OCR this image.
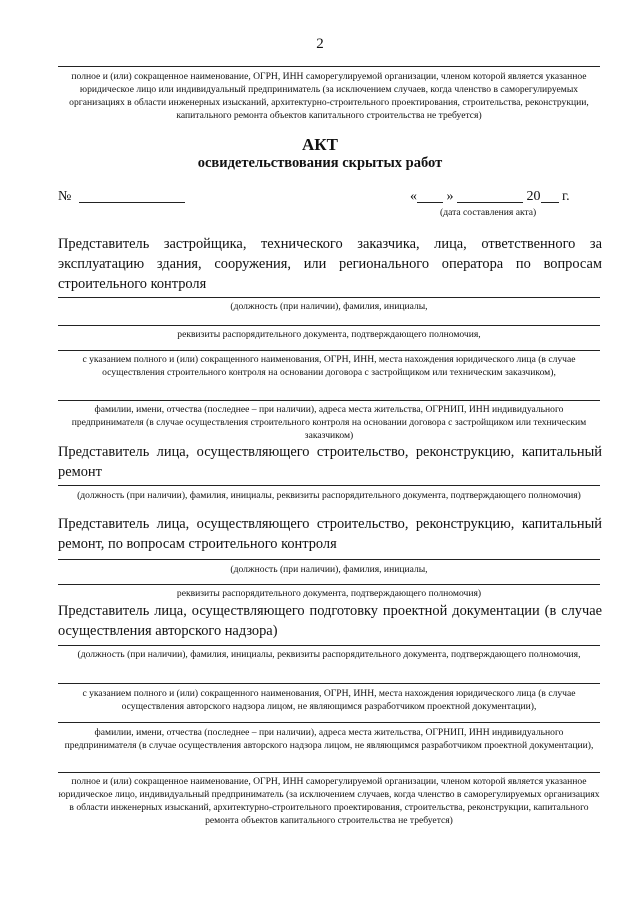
2
полное и (или) сокращенное наименование, ОГРН, ИНН саморегулируемой организации, членом которой является указанное юридическое лицо или индивидуальный предприниматель (за исключением случаев, когда членство в саморегулируемых организациях в области инженерных изысканий, архитектурно-строительного проектирования, строительства, реконструкции, капитального ремонта объектов капитального строительства не требуется)
АКТ
освидетельствования скрытых работ
№	« »	20 г.
(дата составления акта)
Представитель застройщика, технического заказчика, лица, ответственного за эксплуатацию здания, сооружения, или регионального оператора по вопросам строительного контроля
(должность (при наличии), фамилия, инициалы,
реквизиты распорядительного документа, подтверждающего полномочия,
с указанием полного и (или) сокращенного наименования, ОГРН, ИНН, места нахождения юридического лица (в случае осуществления строительного контроля на основании договора с застройщиком или техническим заказчиком),
фамилии, имени, отчества (последнее – при наличии), адреса места жительства, ОГРНИП, ИНН индивидуального предпринимателя (в случае осуществления строительного контроля на основании договора с застройщиком или техническим заказчиком)
Представитель лица, осуществляющего строительство, реконструкцию, капитальный ремонт
(должность (при наличии), фамилия, инициалы, реквизиты распорядительного документа, подтверждающего полномочия)
Представитель лица, осуществляющего строительство, реконструкцию, капитальный ремонт, по вопросам строительного контроля
(должность (при наличии), фамилия, инициалы,
реквизиты распорядительного документа, подтверждающего полномочия)
Представитель лица, осуществляющего подготовку проектной документации (в случае осуществления авторского надзора)
(должность (при наличии), фамилия, инициалы, реквизиты распорядительного документа, подтверждающего полномочия,
с указанием полного и (или) сокращенного наименования, ОГРН, ИНН, места нахождения юридического лица (в случае осуществления авторского надзора лицом, не являющимся разработчиком проектной документации),
фамилии, имени, отчества (последнее – при наличии), адреса места жительства, ОГРНИП, ИНН индивидуального предпринимателя (в случае осуществления авторского надзора лицом, не являющимся разработчиком проектной документации),
полное и (или) сокращенное наименование, ОГРН, ИНН саморегулируемой организации, членом которой является указанное юридическое лицо, индивидуальный предприниматель (за исключением случаев, когда членство в саморегулируемых организациях в области инженерных изысканий, архитектурно-строительного проектирования, строительства, реконструкции, капитального ремонта объектов капитального строительства не требуется)
